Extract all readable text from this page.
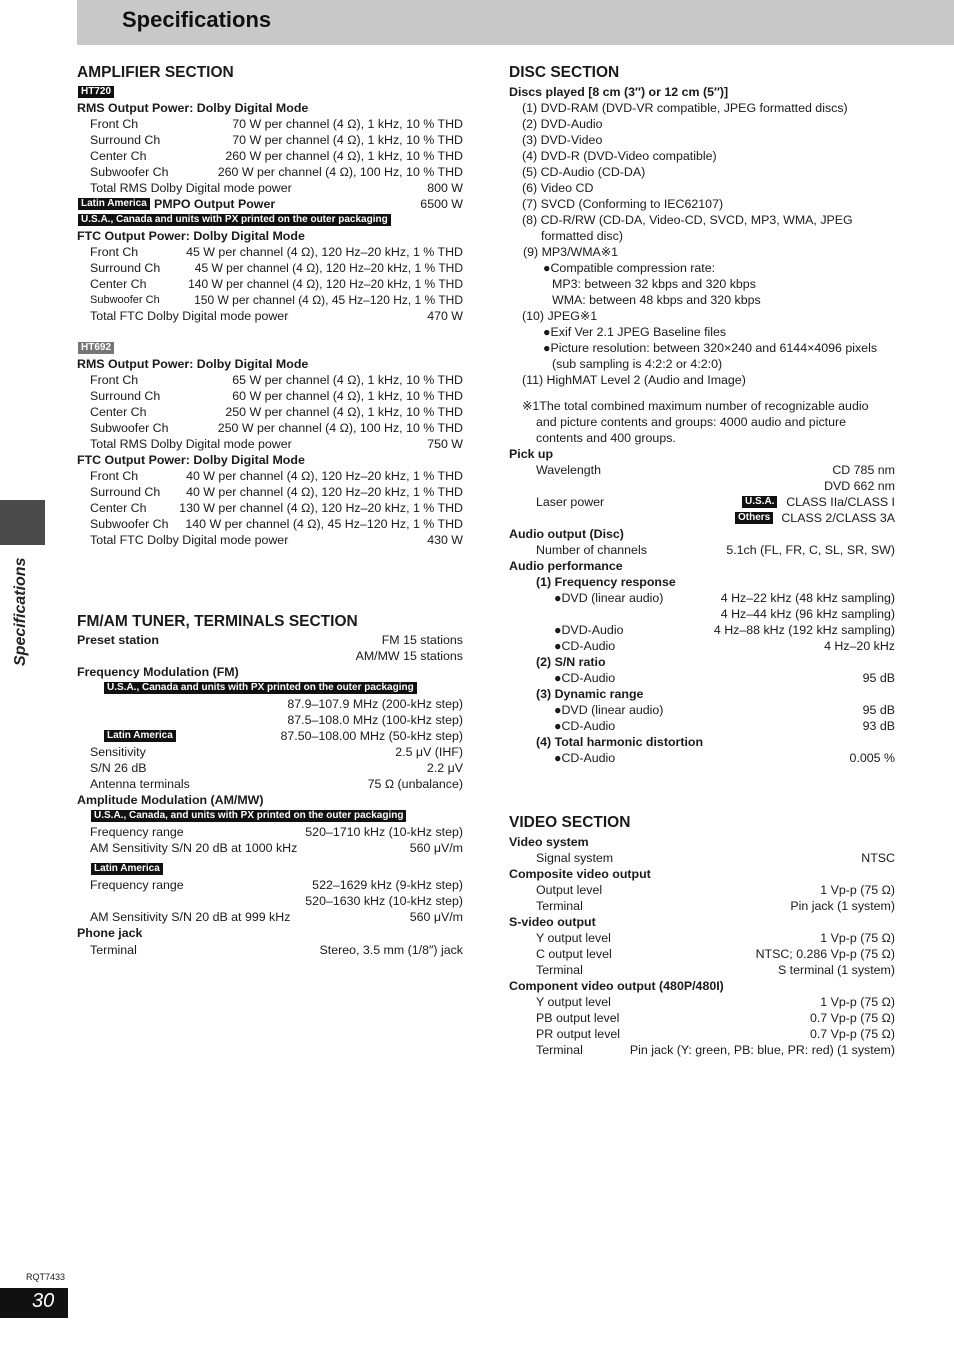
Specifications
Specifications
AMPLIFIER SECTION
HT720
RMS Output Power: Dolby Digital Mode
Front Ch	70 W per channel (4 Ω), 1 kHz, 10 % THD
Surround Ch	70 W per channel (4 Ω), 1 kHz, 10 % THD
Center Ch	260 W per channel (4 Ω), 1 kHz, 10 % THD
Subwoofer Ch	260 W per channel (4 Ω), 100 Hz, 10 % THD
Total RMS Dolby Digital mode power	800 W
Latin America PMPO Output Power	6500 W
U.S.A., Canada and units with PX printed on the outer packaging
FTC Output Power: Dolby Digital Mode
Front Ch	45 W per channel (4 Ω), 120 Hz–20 kHz, 1 % THD
Surround Ch	45 W per channel (4 Ω), 120 Hz–20 kHz, 1 % THD
Center Ch	140 W per channel (4 Ω), 120 Hz–20 kHz, 1 % THD
Subwoofer Ch	150 W per channel (4 Ω), 45 Hz–120 Hz, 1 % THD
Total FTC Dolby Digital mode power	470 W
HT692
RMS Output Power: Dolby Digital Mode
Front Ch	65 W per channel (4 Ω), 1 kHz, 10 % THD
Surround Ch	60 W per channel (4 Ω), 1 kHz, 10 % THD
Center Ch	250 W per channel (4 Ω), 1 kHz, 10 % THD
Subwoofer Ch	250 W per channel (4 Ω), 100 Hz, 10 % THD
Total RMS Dolby Digital mode power	750 W
FTC Output Power: Dolby Digital Mode
Front Ch	40 W per channel (4 Ω), 120 Hz–20 kHz, 1 % THD
Surround Ch 40 W per channel (4 Ω), 120 Hz–20 kHz, 1 % THD
Center Ch	130 W per channel (4 Ω), 120 Hz–20 kHz, 1 % THD
Subwoofer Ch 140 W per channel (4 Ω), 45 Hz–120 Hz, 1 % THD
Total FTC Dolby Digital mode power	430 W
FM/AM TUNER, TERMINALS SECTION
Preset station	FM 15 stations
AM/MW 15 stations
Frequency Modulation (FM)
U.S.A., Canada and units with PX printed on the outer packaging
87.9–107.9 MHz (200-kHz step)
87.5–108.0 MHz (100-kHz step)
Latin America	87.50–108.00 MHz (50-kHz step)
Sensitivity	2.5 μV (IHF)
S/N 26 dB	2.2 μV
Antenna terminals	75 Ω (unbalance)
Amplitude Modulation (AM/MW)
U.S.A., Canada, and units with PX printed on the outer packaging
Frequency range	520–1710 kHz (10-kHz step)
AM Sensitivity S/N 20 dB at 1000 kHz	560 μV/m
Latin America
Frequency range	522–1629 kHz (9-kHz step)
520–1630 kHz (10-kHz step)
AM Sensitivity S/N 20 dB at 999 kHz	560 μV/m
Phone jack
Terminal	Stereo, 3.5 mm (1/8″) jack
DISC SECTION
Discs played [8 cm (3″) or 12 cm (5″)]
(1) DVD-RAM (DVD-VR compatible, JPEG formatted discs)
(2) DVD-Audio
(3) DVD-Video
(4) DVD-R (DVD-Video compatible)
(5) CD-Audio (CD-DA)
(6) Video CD
(7) SVCD (Conforming to IEC62107)
(8) CD-R/RW (CD-DA, Video-CD, SVCD, MP3, WMA, JPEG
formatted disc)
(9) MP3/WMA※1
●Compatible compression rate:
MP3: between 32 kbps and 320 kbps
WMA: between 48 kbps and 320 kbps
(10) JPEG※1
●Exif Ver 2.1 JPEG Baseline files
●Picture resolution: between 320×240 and 6144×4096 pixels
(sub sampling is 4:2:2 or 4:2:0)
(11) HighMAT Level 2 (Audio and Image)
※1The total combined maximum number of recognizable audio
and picture contents and groups: 4000 audio and picture
contents and 400 groups.
Pick up
Wavelength	CD 785 nm
DVD 662 nm
Laser power	U.S.A. CLASS IIa/CLASS I
Others CLASS 2/CLASS 3A
Audio output (Disc)
Number of channels	5.1ch (FL, FR, C, SL, SR, SW)
Audio performance
(1) Frequency response
●DVD (linear audio)	4 Hz–22 kHz (48 kHz sampling)
4 Hz–44 kHz (96 kHz sampling)
●DVD-Audio	4 Hz–88 kHz (192 kHz sampling)
●CD-Audio	4 Hz–20 kHz
(2) S/N ratio
●CD-Audio	95 dB
(3) Dynamic range
●DVD (linear audio)	95 dB
●CD-Audio	93 dB
(4) Total harmonic distortion
●CD-Audio	0.005 %
VIDEO SECTION
Video system
Signal system	NTSC
Composite video output
Output level	1 Vp-p (75 Ω)
Terminal	Pin jack (1 system)
S-video output
Y output level	1 Vp-p (75 Ω)
C output level	NTSC; 0.286 Vp-p (75 Ω)
Terminal	S terminal (1 system)
Component video output (480P/480I)
Y output level	1 Vp-p (75 Ω)
PB output level	0.7 Vp-p (75 Ω)
PR output level	0.7 Vp-p (75 Ω)
Terminal	Pin jack (Y: green, PB: blue, PR: red) (1 system)
RQT7433
30
